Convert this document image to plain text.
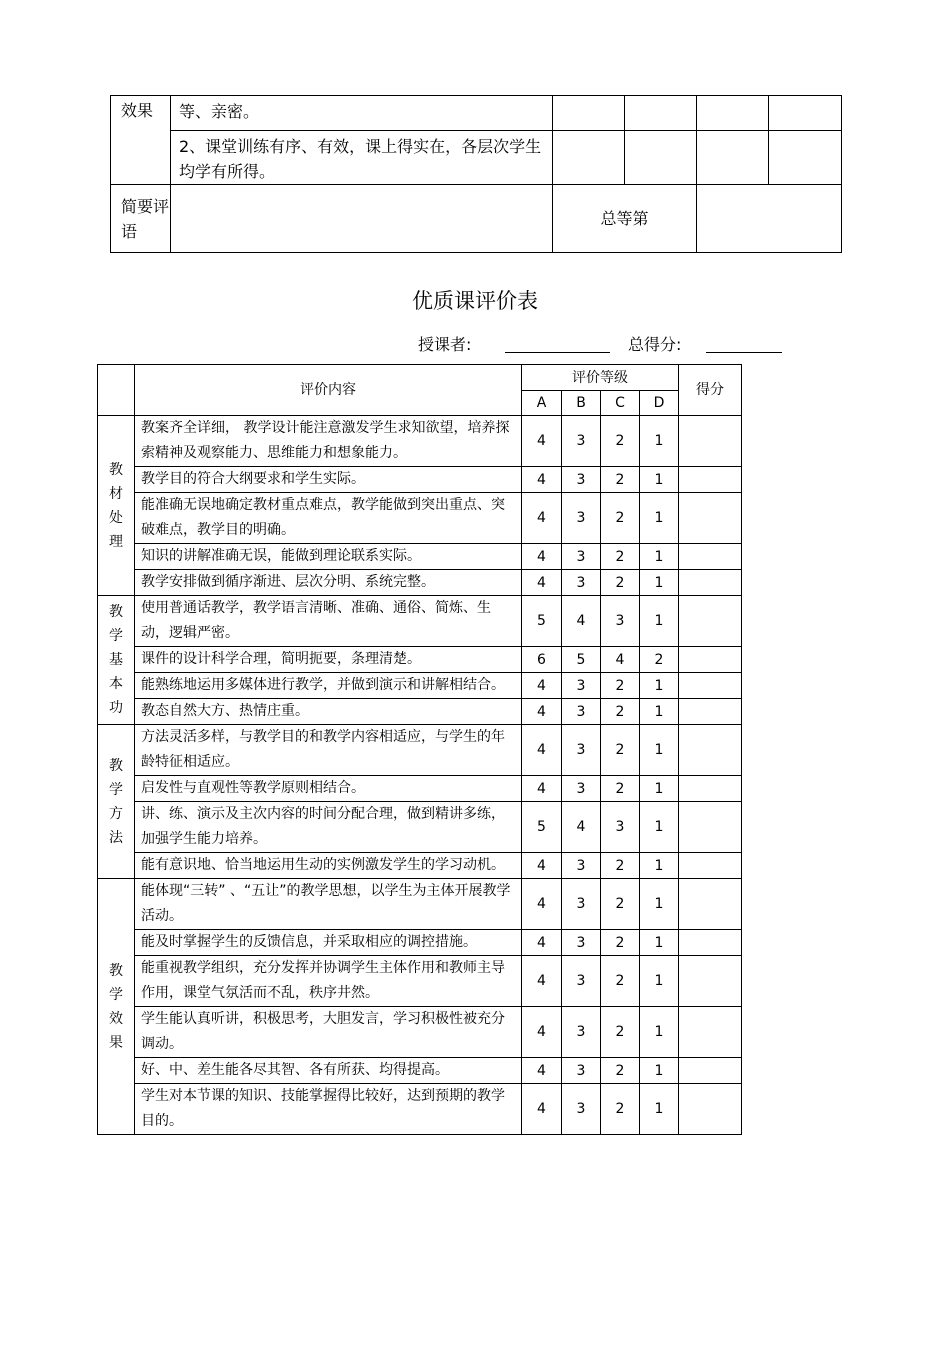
效果	等、亲密。				
	2、课堂训练有序、有效，课上得实在，各层次学生均学有所得。				
简要评语		总等第			
优质课评价表
授课者:	总得分:
	评价内容	评价等级				得分
		A	B	C	D	

教
材
处
理	教案齐全详细， 教学设计能注意激发学生求知欲望，培养探索精神及观察能力、思维能力和想象能力。	4	3	2	1	
	教学目的符合大纲要求和学生实际。	4	3	2	1	
	能准确无误地确定教材重点难点，教学能做到突出重点、突破难点，教学目的明确。	4	3	2	1	
	知识的讲解准确无误，能做到理论联系实际。	4	3	2	1	
	教学安排做到循序渐进、层次分明、系统完整。	4	3	2	1	

教
学
基
本
功	使用普通话教学，教学语言清晰、准确、通俗、简炼、生动，逻辑严密。	5	4	3	1	
	课件的设计科学合理，简明扼要，条理清楚。	6	5	4	2	
	能熟练地运用多媒体进行教学，并做到演示和讲解相结合。	4	3	2	1	
	教态自然大方、热情庄重。	4	3	2	1	

教
学
方
法	方法灵活多样，与教学目的和教学内容相适应，与学生的年龄特征相适应。	4	3	2	1	
	启发性与直观性等教学原则相结合。	4	3	2	1	
	讲、练、演示及主次内容的时间分配合理，做到精讲多练，加强学生能力培养。	5	4	3	1	
	能有意识地、恰当地运用生动的实例激发学生的学习动机。	4	3	2	1	

教
学
效
果	能体现“三转” 、“五让”的教学思想，以学生为主体开展教学活动。	4	3	2	1	
	能及时掌握学生的反馈信息，并采取相应的调控措施。	4	3	2	1	
	能重视教学组织，充分发挥并协调学生主体作用和教师主导作用，课堂气氛活而不乱，秩序井然。	4	3	2	1	
	学生能认真听讲，积极思考，大胆发言，学习积极性被充分调动。	4	3	2	1	
	好、中、差生能各尽其智、各有所获、均得提高。	4	3	2	1	
	学生对本节课的知识、技能掌握得比较好，达到预期的教学目的。	4	3	2	1	
